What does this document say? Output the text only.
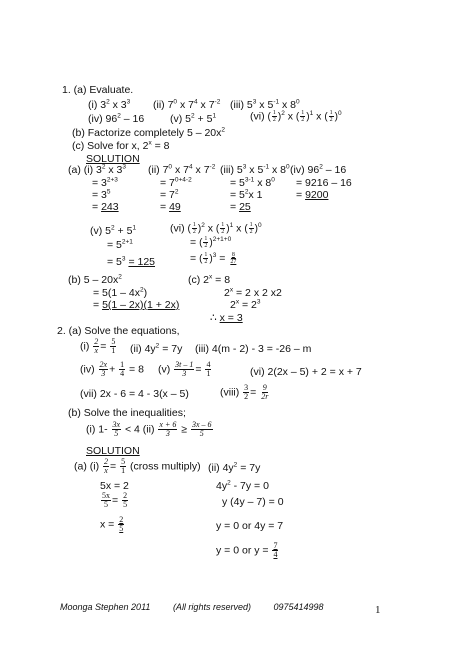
1. (a) Evaluate.
(i) $3^2$ x $3^3$ (ii) $7^0$ x $7^4$ x $7^{-2}$ (iii) $5^3$ x $5^{-1}$ x $8^0$
(iv) $96^2 - 16$ (v) $5^2 + 5^1$	(vi) ( $\frac{1}{2} )^2$ x ( $\frac{1}{2} )^1$ x ( $\frac{1}{2} )^0$
(b) Factorize completely $5 - 20x^2$
(c) Solve for x, $2^x = 8$
SOLUTION
(a) (i) $3^2$ x $3^3$ (ii) $7^0$ x $7^4$ x $7^{-2}$ (iii) $5^3$ x $5^{-1}$ x $8^0$ (iv) $96^2 - 16$
= $3^{2+3}$	= $7^{0+4-2}$	= $5^{3-1}$ x $8^0 = 9216 - 16$
= $3^5$	= $7^2$	= $5^2x$ 1	= 9200
= 243	= 49	= 25
(v) $5^2 + 5^1$	(vi) ( $\frac{1}{2} )^2$ x ( $\frac{1}{2} )^1$ x ( $\frac{1}{2} )^0$
= $5^{2+1}$	= ( $\frac{1}{2} )^{2+1+0}$
= $5^3 = 125$	= ( $\frac{1}{2} )^3 = \frac{8}{27}$
(b) $5 - 20x^2$
= $5(1 - 4x^2)$
= 5(1 – 2x)(1 + 2x)
(c) $2^x = 8$
$2^x = 2$ x 2 x2
$2^x = 2^3$
∴ x = 3
2. (a) Solve the equations,
$(i) \frac{2}{x} = \frac{5}{1} (ii) 4y^2 = 7y$ (iii) 4(m - 2) - 3 = -26 – m
$(iv) \frac{2x}{3} + \frac{1}{4} = 8$ $(v) \frac{3t - 1}{3} = \frac{4}{1}$	(vi) 2(2x – 5) + 2 = x + 7
(vii) 2x - 6 = 4 - 3(x – 5)	(viii) $\frac{3}{2} = \frac{9}{2r}$
(b) Solve the inequalities;
(i) $1- \frac{3x}{5} < 4$ $(ii) \frac{x + 6}{3} \ge \frac{3x - 6}{5}$
SOLUTION
(a) $(i) \frac{2}{x} = \frac{5}{1}$ (cross multiply) (ii) $4y^2 = 7y$
5x = 2	$4y^2 - 7y = 0$
$\frac{5x}{5} = \frac{2}{5}$	y (4y – 7) = 0
$x = \frac{2}{5}$	y = 0 or 4y = 7
y = 0 or $y = \frac{7}{4}$
Moonga Stephen 2011	(All rights reserved)	0975414998	1
